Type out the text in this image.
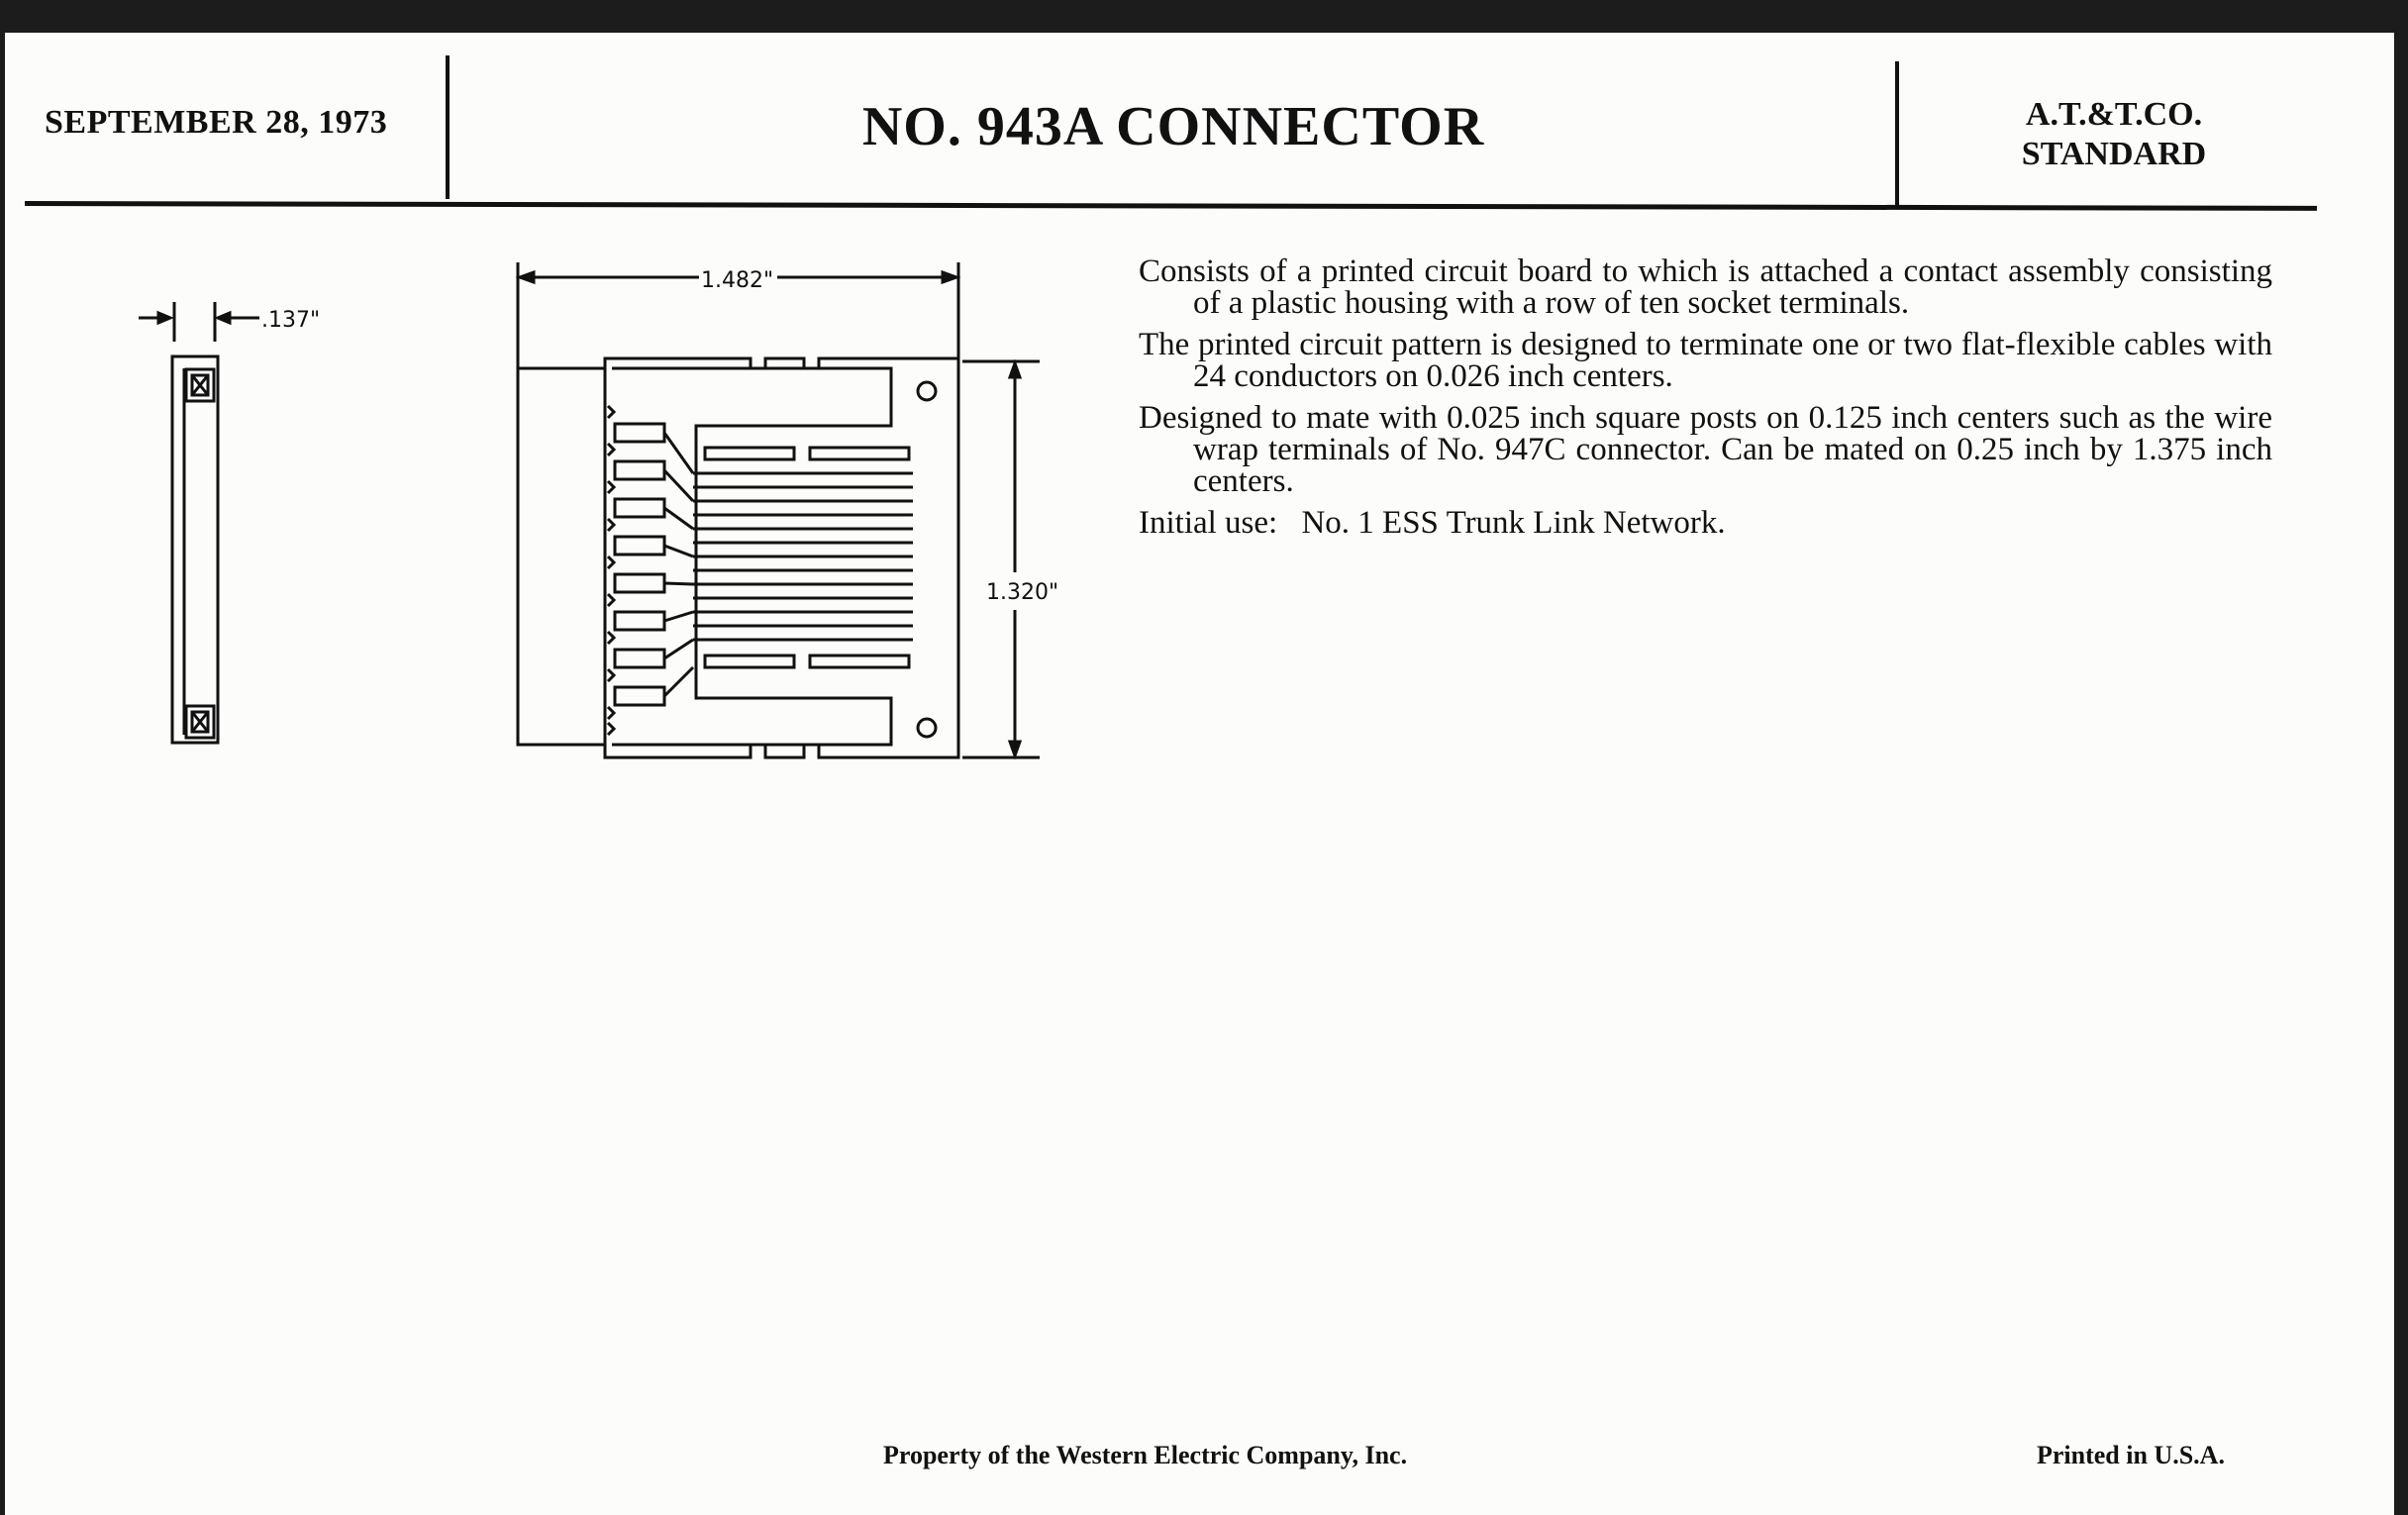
SEPTEMBER 28, 1973	NO. 943A CONNECTOR	A.T.&T.CO.
STANDARD
.137"
1.482"
1.320"

Consists of a printed circuit board to which is attached a contact assembly consisting of a plastic housing with a row of ten socket terminals.

The printed circuit pattern is designed to terminate one or two flat-flexible cables with 24 conductors on 0.026 inch centers.

Designed to mate with 0.025 inch square posts on 0.125 inch centers such as the wire wrap terminals of No. 947C connector. Can be mated on 0.25 inch by 1.375 inch centers.

Initial use: No. 1 ESS Trunk Link Network.
Property of the Western Electric Company, Inc.	Printed in U.S.A.
